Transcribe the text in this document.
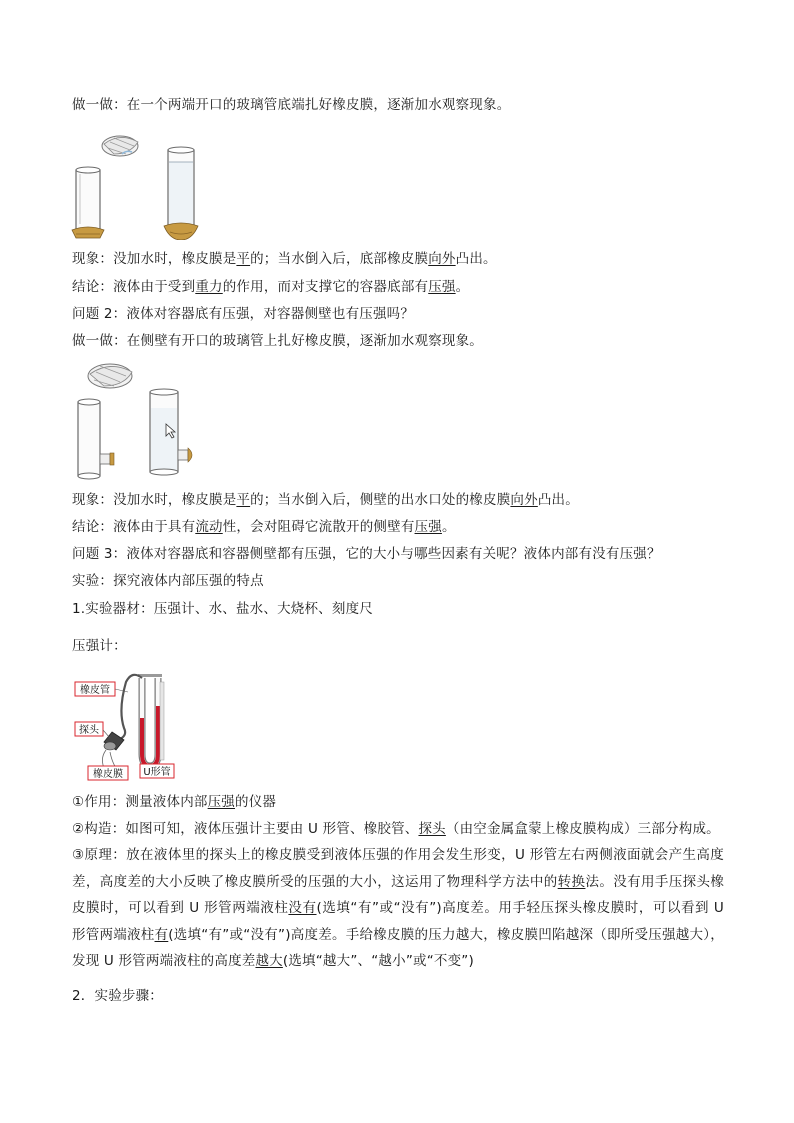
做一做：在一个两端开口的玻璃管底端扎好橡皮膜，逐渐加水观察现象。
现象：没加水时，橡皮膜是平的；当水倒入后，底部橡皮膜向外凸出。
结论：液体由于受到重力的作用，而对支撑它的容器底部有压强。
问题 2：液体对容器底有压强，对容器侧壁也有压强吗？
做一做：在侧壁有开口的玻璃管上扎好橡皮膜，逐渐加水观察现象。
现象：没加水时，橡皮膜是平的；当水倒入后，侧壁的出水口处的橡皮膜向外凸出。
结论：液体由于具有流动性，会对阻碍它流散开的侧壁有压强。
问题 3：液体对容器底和容器侧壁都有压强，它的大小与哪些因素有关呢？液体内部有没有压强？
实验：探究液体内部压强的特点
1.实验器材：压强计、水、盐水、大烧杯、刻度尺
压强计：
橡皮管
探头
橡皮膜 U形管
①作用：测量液体内部压强的仪器
②构造：如图可知，液体压强计主要由 U 形管、橡胶管、探头（由空金属盒蒙上橡皮膜构成）三部分构成。
③原理：放在液体里的探头上的橡皮膜受到液体压强的作用会发生形变，U 形管左右两侧液面就会产生高度差，高度差的大小反映了橡皮膜所受的压强的大小，这运用了物理科学方法中的转换法。没有用手压探头橡皮膜时，可以看到 U 形管两端液柱没有(选填“有”或“没有”)高度差。用手轻压探头橡皮膜时，可以看到 U 形管两端液柱有(选填“有”或“没有”)高度差。手给橡皮膜的压力越大，橡皮膜凹陷越深（即所受压强越大），发现 U 形管两端液柱的高度差越大(选填“越大”、“越小”或“不变”)
2．实验步骤：
